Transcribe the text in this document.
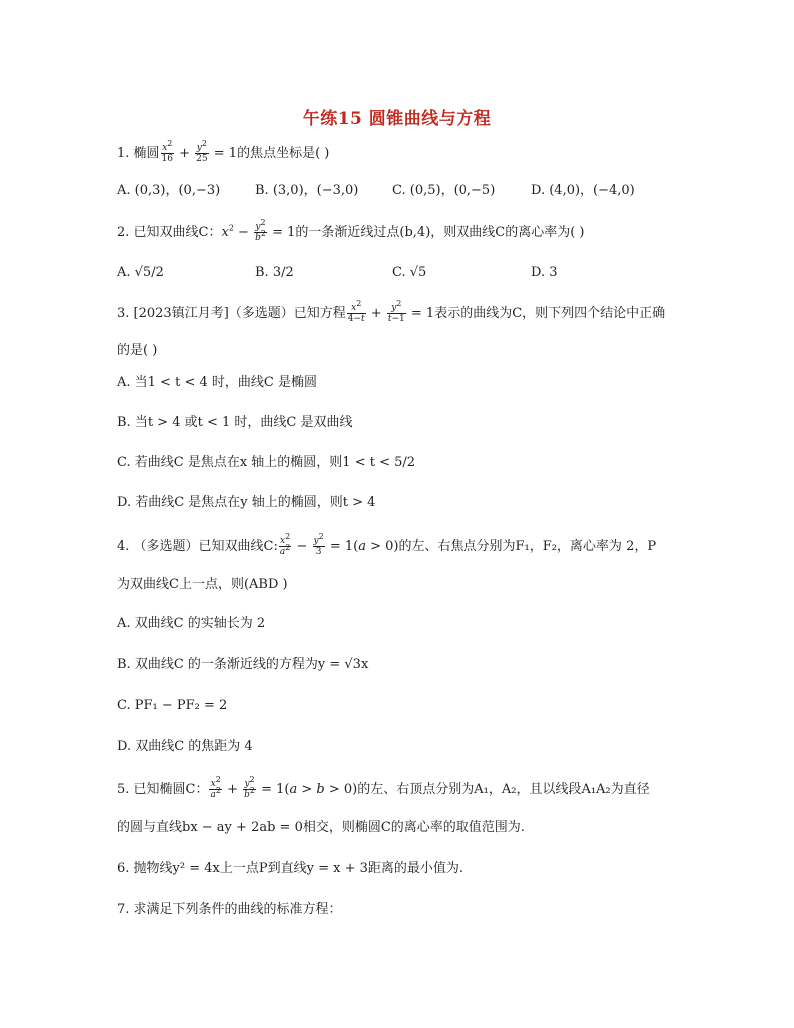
午练15 圆锥曲线与方程
1. 椭圆 $\frac{x2}{16} + \frac{y2}{25} = 1$的焦点坐标是( )
A. (0,3)，(0,−3)	B. (3,0)，(−3,0)	C. (0,5)，(0,−5)	D. (4,0)，(−4,0)
2. 已知双曲线C：$x^2 - \frac{y2}{b2} = 1$的一条渐近线过点(b,4)，则双曲线C的离心率为( )
A. √5/2	B. 3/2	C. √5	D. 3
3. [2023镇江月考]（多选题）已知方程 $\frac{x2}{4-t} + \frac{y2}{t-1} = 1$表示的曲线为C，则下列四个结论中正确
的是( )
A. 当1 < t < 4 时，曲线C 是椭圆
B. 当t > 4 或t < 1 时，曲线C 是双曲线
C. 若曲线C 是焦点在x 轴上的椭圆，则1 < t < 5/2
D. 若曲线C 是焦点在y 轴上的椭圆，则t > 4
4. （多选题）已知双曲线C: $\frac{x2}{a2} - \frac{y2}{3} = 1(a > 0)$的左、右焦点分别为F₁，F₂，离心率为 2，P
为双曲线C上一点，则(ABD )
A. 双曲线C 的实轴长为 2
B. 双曲线C 的一条渐近线的方程为y = √3x
C. PF₁ − PF₂ = 2
D. 双曲线C 的焦距为 4
5. 已知椭圆C： $\frac{x2}{a2} + \frac{y2}{b2} = 1(a > b > 0)$的左、右顶点分别为A₁，A₂，且以线段A₁A₂为直径
的圆与直线bx − ay + 2ab = 0相交，则椭圆C的离心率的取值范围为.
6. 抛物线y² = 4x上一点P到直线y = x + 3距离的最小值为.
7. 求满足下列条件的曲线的标准方程：
